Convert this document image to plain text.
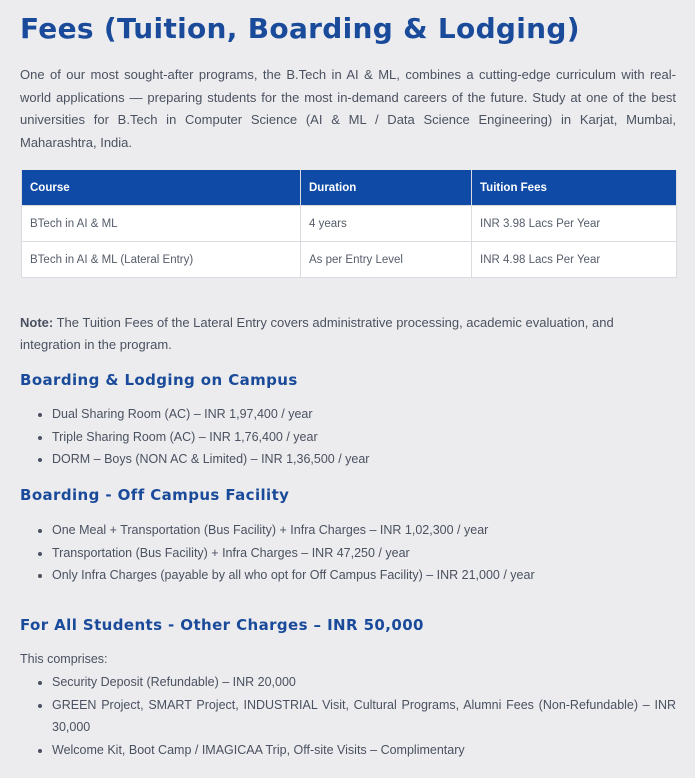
Fees (Tuition, Boarding & Lodging)

One of our most sought-after programs, the B.Tech in AI & ML, combines a cutting-edge curriculum with real-world applications — preparing students for the most in-demand careers of the future. Study at one of the best universities for B.Tech in Computer Science (AI & ML / Data Science Engineering) in Karjat, Mumbai, Maharashtra, India.

Course	Duration	Tuition Fees
BTech in AI & ML	4 years	INR 3.98 Lacs Per Year
BTech in AI & ML (Lateral Entry)	As per Entry Level	INR 4.98 Lacs Per Year

Note: The Tuition Fees of the Lateral Entry covers administrative processing, academic evaluation, and integration in the program.

Boarding & Lodging on Campus
• Dual Sharing Room (AC) – INR 1,97,400 / year
• Triple Sharing Room (AC) – INR 1,76,400 / year
• DORM – Boys (NON AC & Limited) – INR 1,36,500 / year
Boarding - Off Campus Facility
• One Meal + Transportation (Bus Facility) + Infra Charges – INR 1,02,300 / year
• Transportation (Bus Facility) + Infra Charges – INR 47,250 / year
• Only Infra Charges (payable by all who opt for Off Campus Facility) – INR 21,000 / year
For All Students - Other Charges – INR 50,000

This comprises:

• Security Deposit (Refundable) – INR 20,000
• GREEN Project, SMART Project, INDUSTRIAL Visit, Cultural Programs, Alumni Fees (Non-Refundable) – INR 30,000
• Welcome Kit, Boot Camp / IMAGICAA Trip, Off-site Visits – Complimentary
